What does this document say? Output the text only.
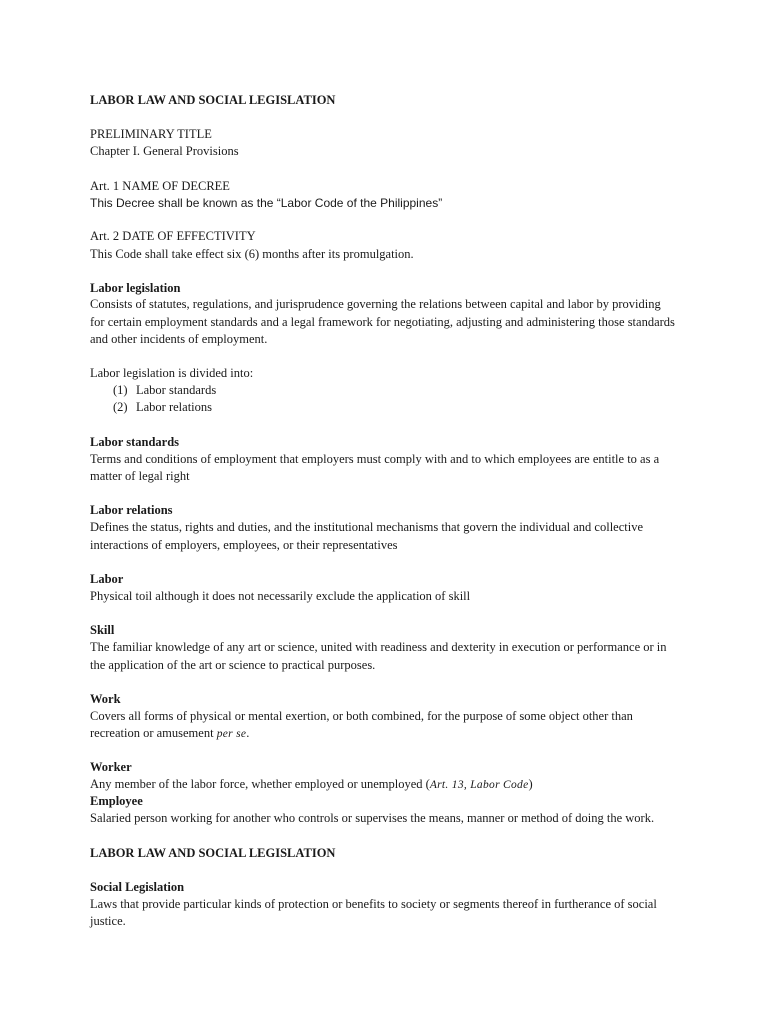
LABOR LAW AND SOCIAL LEGISLATION
PRELIMINARY TITLE
Chapter I. General Provisions
Art. 1 NAME OF DECREE
This Decree shall be known as the “Labor Code of the Philippines”
Art. 2 DATE OF EFFECTIVITY
This Code shall take effect six (6) months after its promulgation.
Labor legislation
Consists of statutes, regulations, and jurisprudence governing the relations between capital and labor by providing
for certain employment standards and a legal framework for negotiating, adjusting and administering those standards
and other incidents of employment.
Labor legislation is divided into:
(1) Labor standards
(2) Labor relations
Labor standards
Terms and conditions of employment that employers must comply with and to which employees are entitle to as a
matter of legal right
Labor relations
Defines the status, rights and duties, and the institutional mechanisms that govern the individual and collective
interactions of employers, employees, or their representatives
Labor
Physical toil although it does not necessarily exclude the application of skill
Skill
The familiar knowledge of any art or science, united with readiness and dexterity in execution or performance or in
the application of the art or science to practical purposes.
Work
Covers all forms of physical or mental exertion, or both combined, for the purpose of some object other than
recreation or amusement per se.
Worker
Any member of the labor force, whether employed or unemployed (Art. 13, Labor Code)
Employee
Salaried person working for another who controls or supervises the means, manner or method of doing the work.
LABOR LAW AND SOCIAL LEGISLATION
Social Legislation
Laws that provide particular kinds of protection or benefits to society or segments thereof in furtherance of social
justice.
